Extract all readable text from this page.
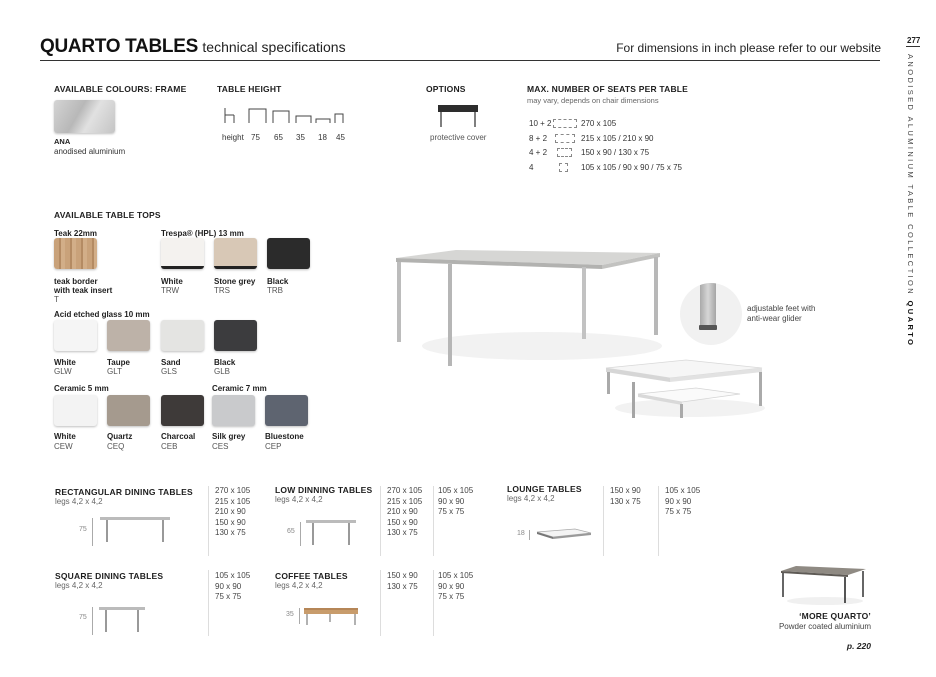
QUARTO TABLES technical specifications	For dimensions in inch please refer to our website
277
ANODISED ALUMINIUM TABLE COLLECTION QUARTO
AVAILABLE COLOURS: FRAME
ANA
anodised aluminium
TABLE HEIGHT
height 75 65 35 18 45
OPTIONS
protective cover
MAX. NUMBER OF SEATS PER TABLE
may vary, depends on chair dimensions
10 + 2	270 x 105
8 + 2	215 x 105 / 210 x 90
4 + 2	150 x 90 / 130 x 75
4	105 x 105 / 90 x 90 / 75 x 75
AVAILABLE TABLE TOPS
Teak 22mm
teak border
with teak insert
T
Trespa® (HPL) 13 mm
White
TRW
Stone grey
TRS
Black
TRB
Acid etched glass 10 mm
White
GLW
Taupe
GLT
Sand
GLS
Black
GLB
Ceramic 5 mm	Ceramic 7 mm
White
CEW
Quartz
CEQ
Charcoal
CEB
Silk grey
CES
Bluestone
CEP
adjustable feet with
anti-wear glider
RECTANGULAR DINING TABLES
legs 4,2 x 4,2
75
270 x 105
215 x 105
210 x 90
150 x 90
130 x 75
LOW DINNING TABLES
legs 4,2 x 4,2
65
270 x 105
215 x 105
210 x 90
150 x 90
130 x 75
105 x 105
90 x 90
75 x 75
LOUNGE TABLES
legs 4,2 x 4,2
18
150 x 90
130 x 75
105 x 105
90 x 90
75 x 75
SQUARE DINING TABLES
legs 4,2 x 4,2
75
105 x 105
90 x 90
75 x 75
COFFEE TABLES
legs 4,2 x 4,2
35
150 x 90
130 x 75
105 x 105
90 x 90
75 x 75
‘MORE QUARTO’
Powder coated aluminium
p. 220
